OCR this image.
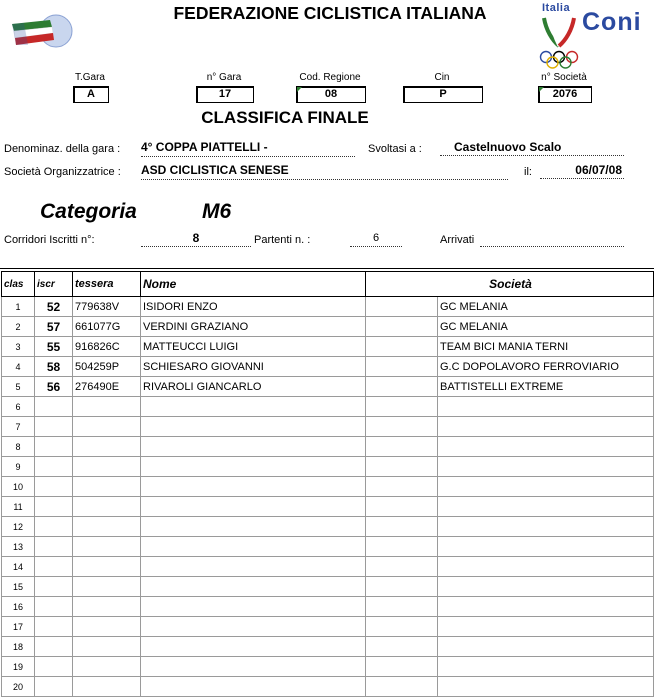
FEDERAZIONE CICLISTICA ITALIANA	Italia Coni
T.Gara
A
n° Gara
17
Cod. Regione
08
Cin
P
n° Società
2076
CLASSIFICA FINALE
Denominaz. della gara : 4° COPPA PIATTELLI -	Svoltasi a :	Castelnuovo Scalo
Società Organizzatrice : ASD CICLISTICA SENESE	il:	06/07/08
Categoria	M6
Corridori Iscritti n°:	8	Partenti n. :	6	Arrivati
clas	iscr	tessera	Nome	Società	
1	52	779638V	ISIDORI ENZO		GC MELANIA
2	57	661077G	VERDINI GRAZIANO		GC MELANIA
3	55	916826C	MATTEUCCI LUIGI		TEAM BICI MANIA TERNI
4	58	504259P	SCHIESARO GIOVANNI		G.C DOPOLAVORO FERROVIARIO
5	56	276490E	RIVAROLI GIANCARLO		BATTISTELLI EXTREME
6					
7					
8					
9					
10					
11					
12					
13					
14					
15					
16					
17					
18					
19					
20					
